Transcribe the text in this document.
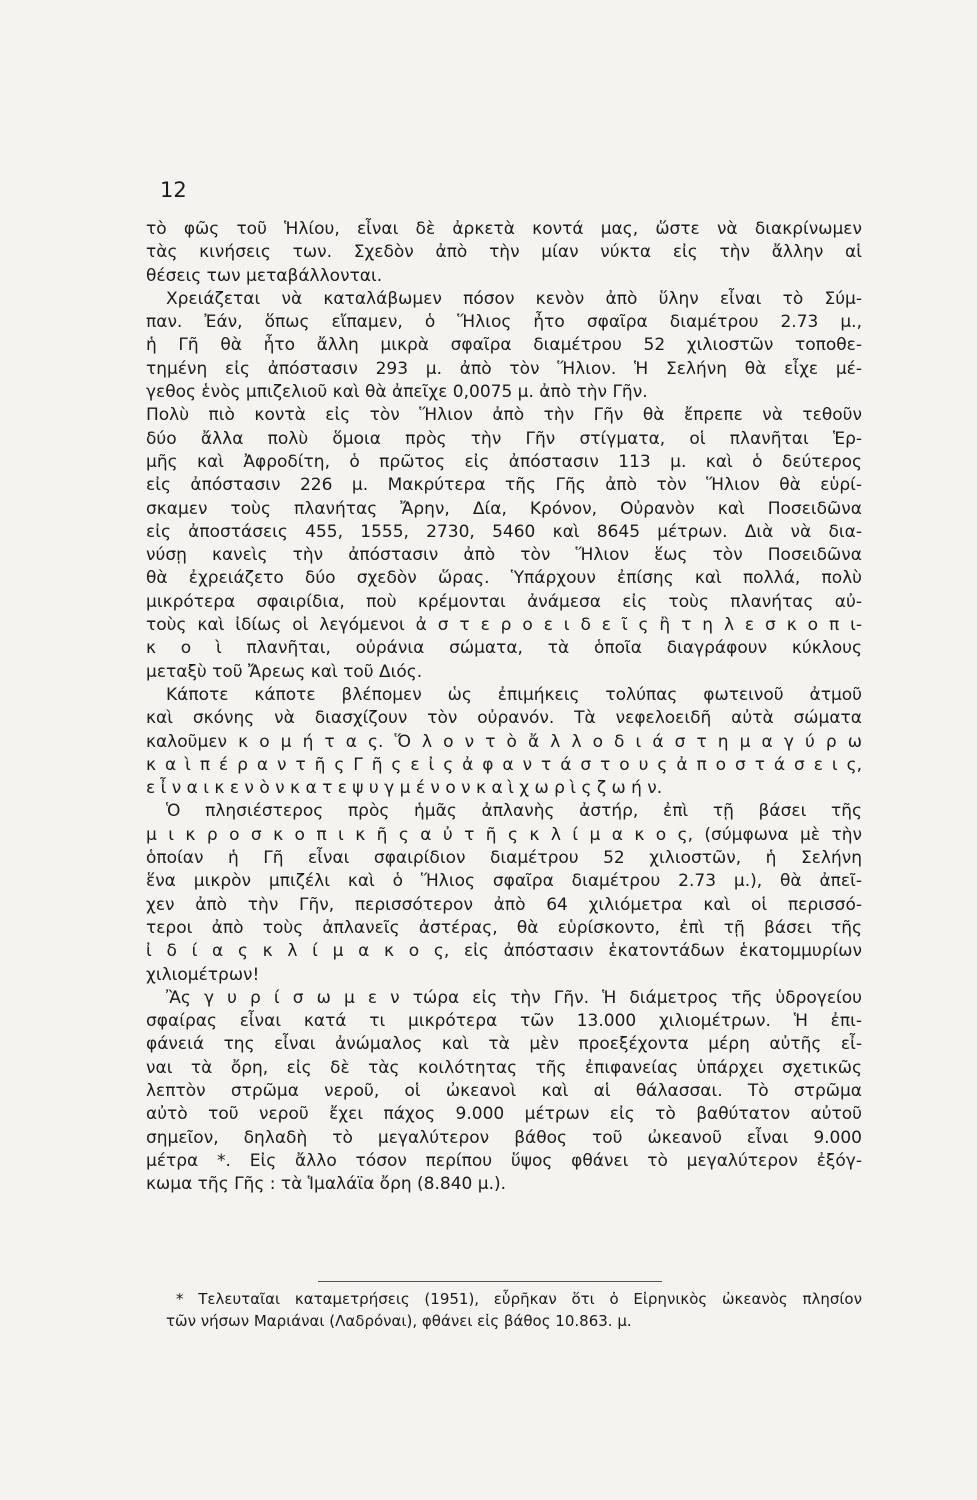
12
τὸ φῶς τοῦ Ἡλίου, εἶναι δὲ ἀρκετὰ κοντά μας, ὥστε νὰ διακρίνωμεν
τὰς κινήσεις των. Σχεδὸν ἀπὸ τὴν μίαν νύκτα εἰς τὴν ἄλλην αἱ
θέσεις των μεταβάλλονται.
Χρειάζεται νὰ καταλάβωμεν πόσον κενὸν ἀπὸ ὕλην εἶναι τὸ Σύμ-
παν. Ἐάν, ὅπως εἴπαμεν, ὁ Ἥλιος ἦτο σφαῖρα διαμέτρου 2.73 μ.,
ἡ Γῆ θὰ ἦτο ἄλλη μικρὰ σφαῖρα διαμέτρου 52 χιλιοστῶν τοποθε-
τημένη εἰς ἀπόστασιν 293 μ. ἀπὸ τὸν Ἥλιον. Ἡ Σελήνη θὰ εἶχε μέ-
γεθος ἑνὸς μπιζελιοῦ καὶ θὰ ἀπεῖχε 0,0075 μ. ἀπὸ τὴν Γῆν.
Πολὺ πιὸ κοντὰ εἰς τὸν Ἥλιον ἀπὸ τὴν Γῆν θὰ ἔπρεπε νὰ τεθοῦν
δύο ἄλλα πολὺ ὅμοια πρὸς τὴν Γῆν στίγματα, οἱ πλανῆται Ἑρ-
μῆς καὶ Ἀφροδίτη, ὁ πρῶτος εἰς ἀπόστασιν 113 μ. καὶ ὁ δεύτερος
εἰς ἀπόστασιν 226 μ. Μακρύτερα τῆς Γῆς ἀπὸ τὸν Ἥλιον θὰ εὑρί-
σκαμεν τοὺς πλανήτας Ἄρην, Δία, Κρόνον, Οὐρανὸν καὶ Ποσειδῶνα
εἰς ἀποστάσεις 455, 1555, 2730, 5460 καὶ 8645 μέτρων. Διὰ νὰ δια-
νύσῃ κανεὶς τὴν ἀπόστασιν ἀπὸ τὸν Ἥλιον ἕως τὸν Ποσειδῶνα
θὰ ἐχρειάζετο δύο σχεδὸν ὥρας. Ὑπάρχουν ἐπίσης καὶ πολλά, πολὺ
μικρότερα σφαιρίδια, ποὺ κρέμονται ἀνάμεσα εἰς τοὺς πλανήτας αὐ-
τοὺς καὶ ἰδίως οἱ λεγόμενοι ἀ σ τ ε ρ ο ε ι δ ε ῖ ς ἢ τ η λ ε σ κ ο π ι-
κ ο ὶ πλανῆται, οὐράνια σώματα, τὰ ὁποῖα διαγράφουν κύκλους
μεταξὺ τοῦ Ἄρεως καὶ τοῦ Διός.
Κάποτε κάποτε βλέπομεν ὡς ἐπιμήκεις τολύπας φωτεινοῦ ἀτμοῦ
καὶ σκόνης νὰ διασχίζουν τὸν οὐρανόν. Τὰ νεφελοειδῆ αὐτὰ σώματα
καλοῦμεν κ ο μ ή τ α ς. Ὅ λ ο ν τ ὸ ἄ λ λ ο δ ι ά σ τ η μ α γ ύ ρ ω
κ α ὶ π έ ρ α ν τ ῆ ς Γ ῆ ς ε ἰ ς ἀ φ α ν τ ά σ τ ο υ ς ἀ π ο σ τ ά σ ε ι ς,
ε ἶ ν α ι κ ε ν ὸ ν κ α τ ε ψ υ γ μ έ ν ο ν κ α ὶ χ ω ρ ὶ ς ζ ω ή ν.
Ὁ πλησιέστερος πρὸς ἡμᾶς ἀπλανὴς ἀστήρ, ἐπὶ τῇ βάσει τῆς
μ ι κ ρ ο σ κ ο π ι κ ῆ ς α ὐ τ ῆ ς κ λ ί μ α κ ο ς, (σύμφωνα μὲ τὴν
ὁποίαν ἡ Γῆ εἶναι σφαιρίδιον διαμέτρου 52 χιλιοστῶν, ἡ Σελήνη
ἕνα μικρὸν μπιζέλι καὶ ὁ Ἥλιος σφαῖρα διαμέτρου 2.73 μ.), θὰ ἀπεῖ-
χεν ἀπὸ τὴν Γῆν, περισσότερον ἀπὸ 64 χιλιόμετρα καὶ οἱ περισσό-
τεροι ἀπὸ τοὺς ἀπλανεῖς ἀστέρας, θὰ εὑρίσκοντο, ἐπὶ τῇ βάσει τῆς
ἰ δ ί α ς κ λ ί μ α κ ο ς, εἰς ἀπόστασιν ἑκατοντάδων ἑκατομμυρίων
χιλιομέτρων!
Ἂς γ υ ρ ί σ ω μ ε ν τώρα εἰς τὴν Γῆν. Ἡ διάμετρος τῆς ὑδρογείου
σφαίρας εἶναι κατά τι μικρότερα τῶν 13.000 χιλιομέτρων. Ἡ ἐπι-
φάνειά της εἶναι ἀνώμαλος καὶ τὰ μὲν προεξέχοντα μέρη αὐτῆς εἶ-
ναι τὰ ὄρη, εἰς δὲ τὰς κοιλότητας τῆς ἐπιφανείας ὑπάρχει σχετικῶς
λεπτὸν στρῶμα νεροῦ, οἱ ὠκεανοὶ καὶ αἱ θάλασσαι. Τὸ στρῶμα
αὐτὸ τοῦ νεροῦ ἔχει πάχος 9.000 μέτρων εἰς τὸ βαθύτατον αὐτοῦ
σημεῖον, δηλαδὴ τὸ μεγαλύτερον βάθος τοῦ ὠκεανοῦ εἶναι 9.000
μέτρα *. Εἰς ἄλλο τόσον περίπου ὕψος φθάνει τὸ μεγαλύτερον ἐξόγ-
κωμα τῆς Γῆς : τὰ Ἱμαλάϊα ὄρη (8.840 μ.).
* Τελευταῖαι καταμετρήσεις (1951), εὗρῆκαν ὅτι ὁ Εἰρηνικὸς ὠκεανὸς πλησίον
τῶν νήσων Μαριάναι (Λαδρόναι), φθάνει εἰς βάθος 10.863. μ.
